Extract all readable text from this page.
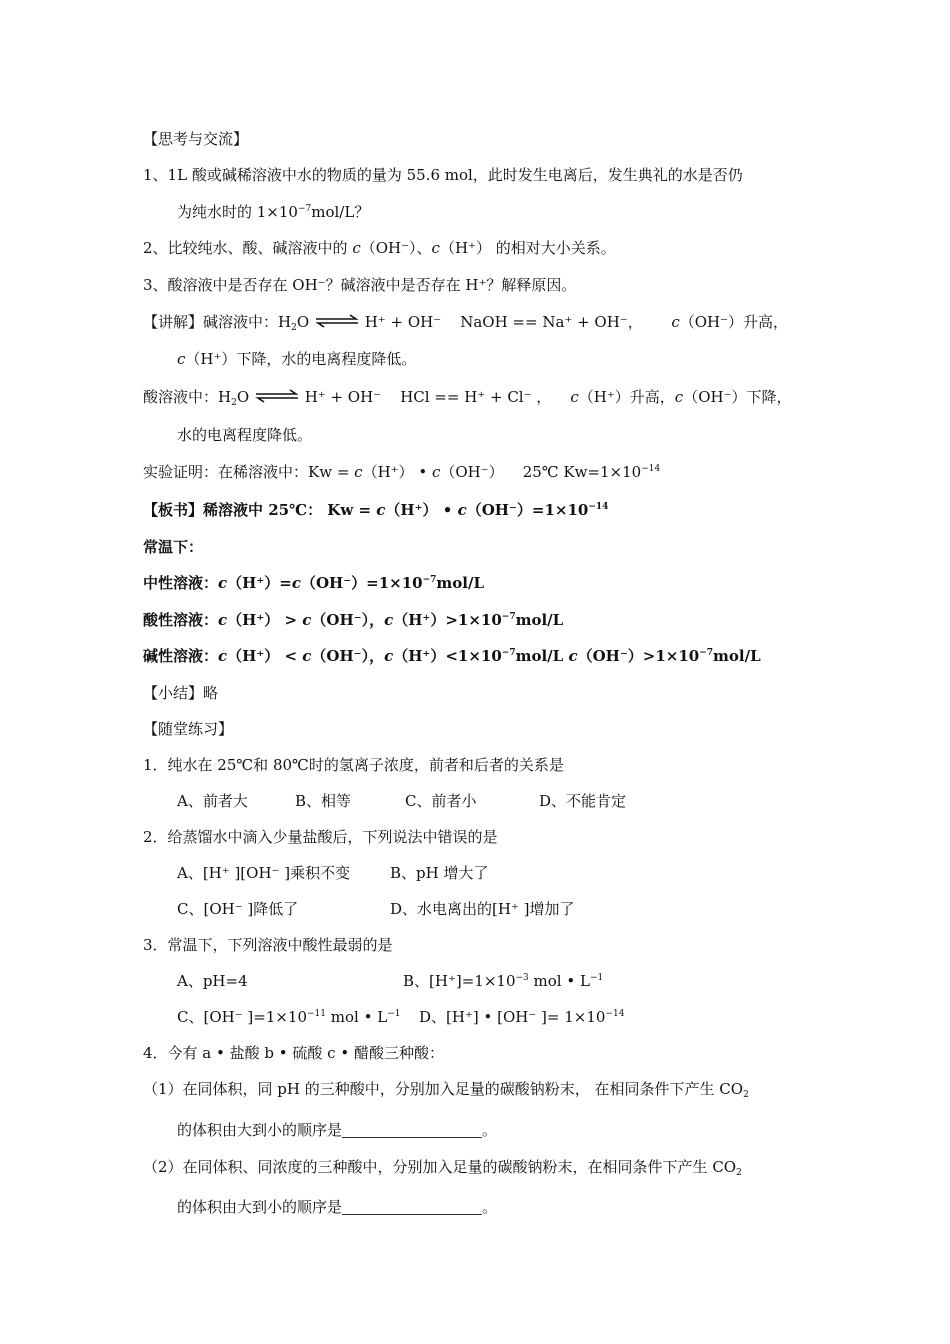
【思考与交流】
1、1L 酸或碱稀溶液中水的物质的量为 55.6 mol，此时发生电离后，发生典礼的水是否仍
为纯水时的 $1\times 10^{-7}mol/L$？
2、比较纯水、酸、碱溶液中的 c（OH⁻）、c（H⁺） 的相对大小关系。
3、酸溶液中是否存在 OH⁻？碱溶液中是否存在 H⁺？解释原因。
【讲解】碱溶液中：$H_2O$ ⇌ H⁺ + OH⁻ NaOH == Na⁺ + OH⁻， c（OH⁻）升高，
c（H⁺）下降，水的电离程度降低。
酸溶液中：$H_2O$ ⇌ H⁺ + OH⁻ HCl == H⁺ + Cl⁻ ， c（H⁺）升高，c（OH⁻）下降，
水的电离程度降低。
实验证明：在稀溶液中：Kw = c（H⁺） • c（OH⁻） 25℃ $Kw=1\times 10^{-14}$
【板书】稀溶液中 25℃： Kw = c（H⁺） • $c(OH^-)=1\times 10^{-14}$
常温下：
中性溶液：$c(H^+)=c(OH^-)=1\times 10^{-7}mol/L$
酸性溶液：c（H⁺） > c（OH⁻），$c(H^+)>1\times 10^{-7}mol/L$
碱性溶液：c（H⁺） < c（OH⁻），$c(H^+)<1\times 10^{-7}mol/L$ $c(OH^-)>1\times 10^{-7}mol/L$
【小结】略
【随堂练习】
1．纯水在 25℃和 80℃时的氢离子浓度，前者和后者的关系是
A、前者大	B、相等	C、前者小	D、不能肯定
2．给蒸馏水中滴入少量盐酸后，下列说法中错误的是
A、[H⁺ ][OH⁻ ]乘积不变	B、pH 增大了
C、[OH⁻ ]降低了	D、水电离出的[H⁺ ]增加了
3．常温下，下列溶液中酸性最弱的是
A、pH=4	B、$[H^+]=1\times 10^{-3}$ mol • $L^{-1}$
C、[OH⁻ ]$=1\times 10^{-11}$ mol • $L^{-1}$ D、[H⁺] • [OH⁻ ]= $1\times 10^{-14}$
4．今有 a • 盐酸 b • 硫酸 c • 醋酸三种酸：
（1）在同体积，同 pH 的三种酸中，分别加入足量的碳酸钠粉末， 在相同条件下产生 $CO_2$
的体积由大到小的顺序是	。
（2）在同体积、同浓度的三种酸中，分别加入足量的碳酸钠粉末，在相同条件下产生 $CO_2$
的体积由大到小的顺序是	。
